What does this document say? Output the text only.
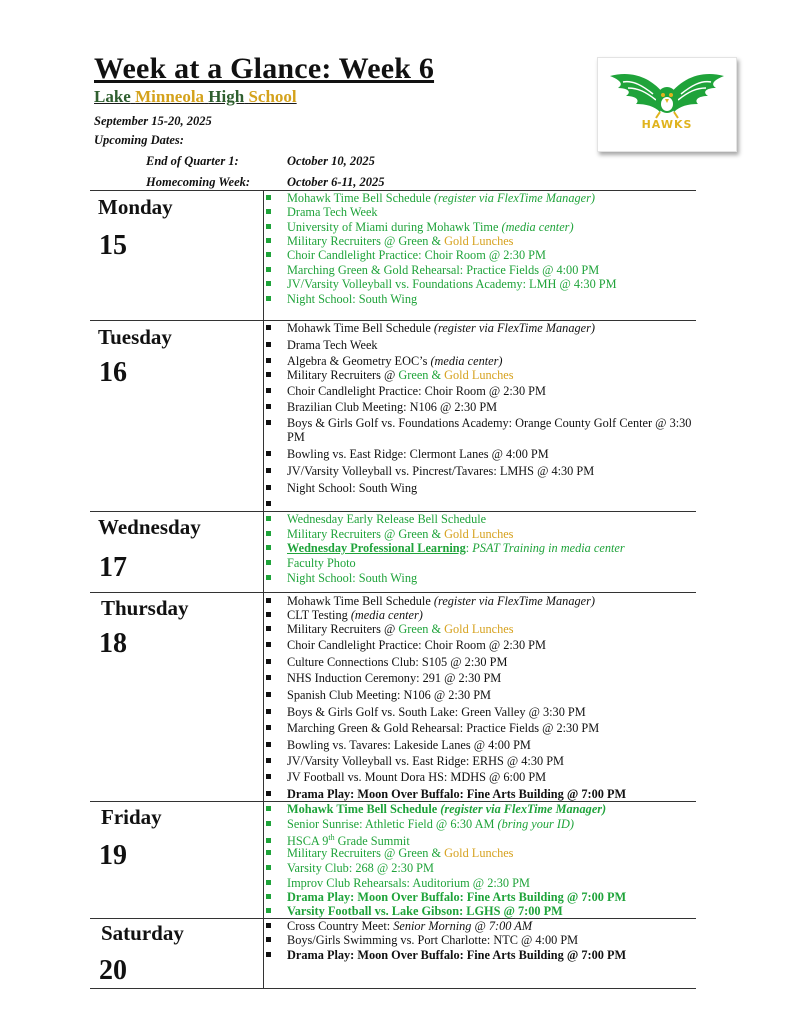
Week at a Glance: Week 6
Lake Minneola High School
September 15-20, 2025
Upcoming Dates:
End of Quarter 1:	October 10, 2025
Homecoming Week:	October 6-11, 2025
HAWKS
Monday
15
Mohawk Time Bell Schedule (register via FlexTime Manager)
Drama Tech Week
University of Miami during Mohawk Time (media center)
Military Recruiters @ Green & Gold Lunches
Choir Candlelight Practice: Choir Room @ 2:30 PM
Marching Green & Gold Rehearsal: Practice Fields @ 4:00 PM
JV/Varsity Volleyball vs. Foundations Academy: LMH @ 4:30 PM
Night School: South Wing
Tuesday
16
Mohawk Time Bell Schedule (register via FlexTime Manager)
Drama Tech Week
Algebra & Geometry EOC’s (media center)
Military Recruiters @ Green & Gold Lunches
Choir Candlelight Practice: Choir Room @ 2:30 PM
Brazilian Club Meeting: N106 @ 2:30 PM
Boys & Girls Golf vs. Foundations Academy: Orange County Golf Center @ 3:30 PM
Bowling vs. East Ridge: Clermont Lanes @ 4:00 PM
JV/Varsity Volleyball vs. Pincrest/Tavares: LMHS @ 4:30 PM
Night School: South Wing
Wednesday
17
Wednesday Early Release Bell Schedule
Military Recruiters @ Green & Gold Lunches
Wednesday Professional Learning: PSAT Training in media center
Faculty Photo
Night School: South Wing
Thursday
18
Mohawk Time Bell Schedule (register via FlexTime Manager)
CLT Testing (media center)
Military Recruiters @ Green & Gold Lunches
Choir Candlelight Practice: Choir Room @ 2:30 PM
Culture Connections Club: S105 @ 2:30 PM
NHS Induction Ceremony: 291 @ 2:30 PM
Spanish Club Meeting: N106 @ 2:30 PM
Boys & Girls Golf vs. South Lake: Green Valley @ 3:30 PM
Marching Green & Gold Rehearsal: Practice Fields @ 2:30 PM
Bowling vs. Tavares: Lakeside Lanes @ 4:00 PM
JV/Varsity Volleyball vs. East Ridge: ERHS @ 4:30 PM
JV Football vs. Mount Dora HS: MDHS @ 6:00 PM
Drama Play: Moon Over Buffalo: Fine Arts Building @ 7:00 PM
Friday
19
Mohawk Time Bell Schedule (register via FlexTime Manager)
Senior Sunrise: Athletic Field @ 6:30 AM (bring your ID)
HSCA 9th Grade Summit
Military Recruiters @ Green & Gold Lunches
Varsity Club: 268 @ 2:30 PM
Improv Club Rehearsals: Auditorium @ 2:30 PM
Drama Play: Moon Over Buffalo: Fine Arts Building @ 7:00 PM
Varsity Football vs. Lake Gibson: LGHS @ 7:00 PM
Saturday
20
Cross Country Meet: Senior Morning @ 7:00 AM
Boys/Girls Swimming vs. Port Charlotte: NTC @ 4:00 PM
Drama Play: Moon Over Buffalo: Fine Arts Building @ 7:00 PM
